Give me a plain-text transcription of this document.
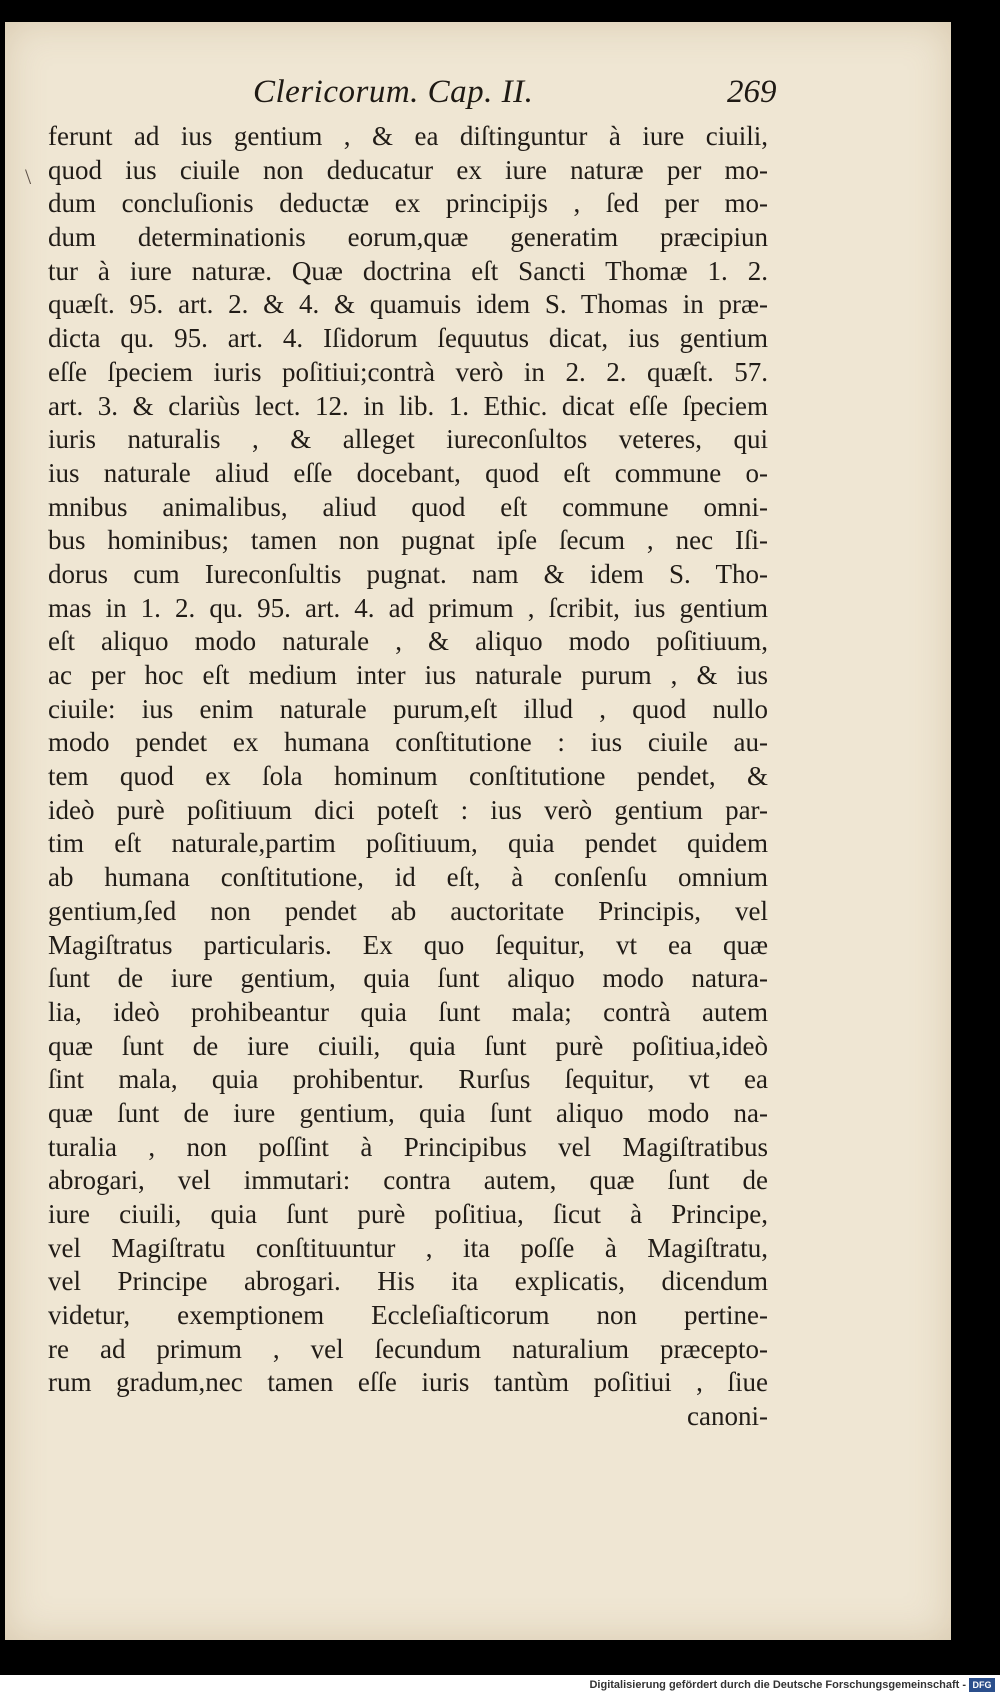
Clericorum. Cap. II.	269
\
ferunt ad ius gentium , & ea diſtinguntur à iure ciuili,
quod ius ciuile non deducatur ex iure naturæ per mo-
dum concluſionis deductæ ex principijs , ſed per mo-
dum determinationis eorum,quæ generatim præcipiun
tur à iure naturæ. Quæ doctrina eſt Sancti Thomæ 1. 2.
quæſt. 95. art. 2. & 4. & quamuis idem S. Thomas in præ-
dicta qu. 95. art. 4. Iſidorum ſequutus dicat, ius gentium
eſſe ſpeciem iuris poſitiui;contrà verò in 2. 2. quæſt. 57.
art. 3. & clariùs lect. 12. in lib. 1. Ethic. dicat eſſe ſpeciem
iuris naturalis , & alleget iureconſultos veteres, qui
ius naturale aliud eſſe docebant, quod eſt commune o-
mnibus animalibus, aliud quod eſt commune omni-
bus hominibus; tamen non pugnat ipſe ſecum , nec Iſi-
dorus cum Iureconſultis pugnat. nam & idem S. Tho-
mas in 1. 2. qu. 95. art. 4. ad primum , ſcribit, ius gentium
eſt aliquo modo naturale , & aliquo modo poſitiuum,
ac per hoc eſt medium inter ius naturale purum , & ius
ciuile: ius enim naturale purum,eſt illud , quod nullo
modo pendet ex humana conſtitutione : ius ciuile au-
tem quod ex ſola hominum conſtitutione pendet, &
ideò purè poſitiuum dici poteſt : ius verò gentium par-
tim eſt naturale,partim poſitiuum, quia pendet quidem
ab humana conſtitutione, id eſt, à conſenſu omnium
gentium,ſed non pendet ab auctoritate Principis, vel
Magiſtratus particularis. Ex quo ſequitur, vt ea quæ
ſunt de iure gentium, quia ſunt aliquo modo natura-
lia, ideò prohibeantur quia ſunt mala; contrà autem
quæ ſunt de iure ciuili, quia ſunt purè poſitiua,ideò
ſint mala, quia prohibentur. Rurſus ſequitur, vt ea
quæ ſunt de iure gentium, quia ſunt aliquo modo na-
turalia , non poſſint à Principibus vel Magiſtratibus
abrogari, vel immutari: contra autem, quæ ſunt de
iure ciuili, quia ſunt purè poſitiua, ſicut à Principe,
vel Magiſtratu conſtituuntur , ita poſſe à Magiſtratu,
vel Principe abrogari. His ita explicatis, dicendum
videtur, exemptionem Eccleſiaſticorum non pertine-
re ad primum , vel ſecundum naturalium præcepto-
rum gradum,nec tamen eſſe iuris tantùm poſitiui , ſiue
canoni-
Digitalisierung gefördert durch die Deutsche Forschungsgemeinschaft - DFG
